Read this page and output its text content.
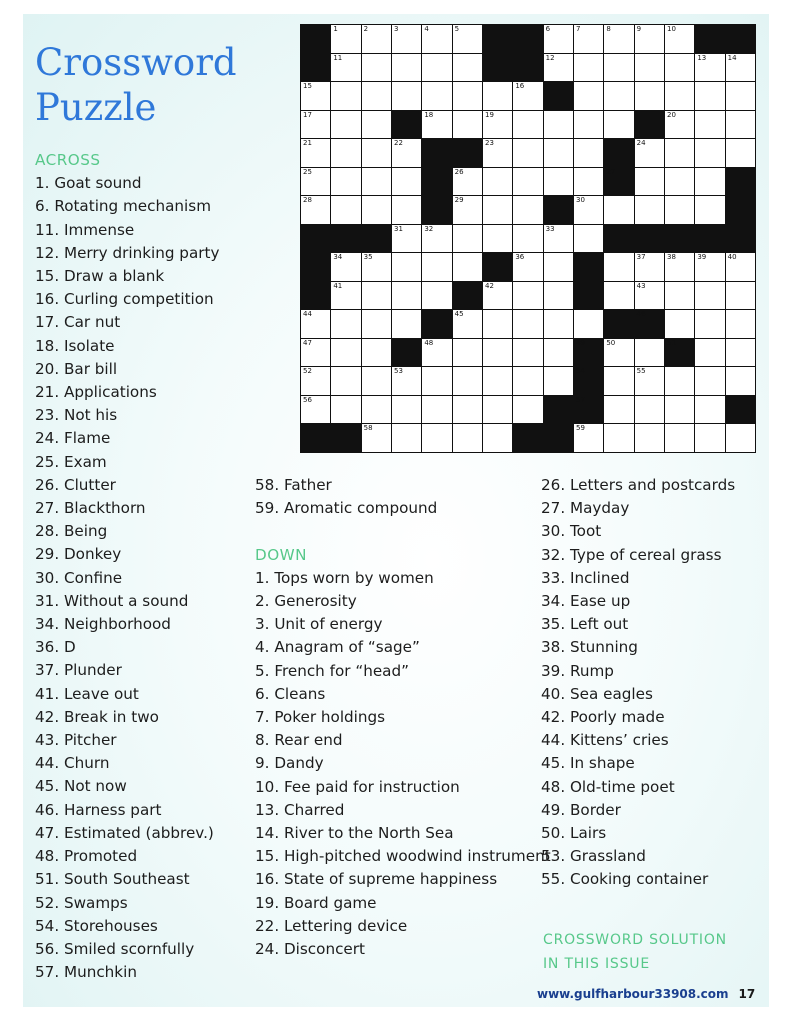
Crossword
Puzzle
1	2	3	4	5	6	7	8	9	10
11	12	13	14
15	16
17	18	19	20
21	22	23	24
25	26	27
28	29	30
31	32	33
34	35	36	37	38	39	40
41	42	43
44	45	46
47	48	49	50	51
52	53	54	55
56	57
58	59
ACROSS
1. Goat sound
6. Rotating mechanism
11. Immense
12. Merry drinking party
15. Draw a blank
16. Curling competition
17. Car nut
18. Isolate
20. Bar bill
21. Applications
23. Not his
24. Flame
25. Exam
26. Clutter
27. Blackthorn
28. Being
29. Donkey
30. Confine
31. Without a sound
34. Neighborhood
36. D
37. Plunder
41. Leave out
42. Break in two
43. Pitcher
44. Churn
45. Not now
46. Harness part
47. Estimated (abbrev.)
48. Promoted
51. South Southeast
52. Swamps
54. Storehouses
56. Smiled scornfully
57. Munchkin
58. Father
59. Aromatic compound
DOWN
1. Tops worn by women
2. Generosity
3. Unit of energy
4. Anagram of “sage”
5. French for “head”
6. Cleans
7. Poker holdings
8. Rear end
9. Dandy
10. Fee paid for instruction
13. Charred
14. River to the North Sea
15. High-pitched woodwind instrument
16. State of supreme happiness
19. Board game
22. Lettering device
24. Disconcert
26. Letters and postcards
27. Mayday
30. Toot
32. Type of cereal grass
33. Inclined
34. Ease up
35. Left out
38. Stunning
39. Rump
40. Sea eagles
42. Poorly made
44. Kittens’ cries
45. In shape
48. Old-time poet
49. Border
50. Lairs
53. Grassland
55. Cooking container
CROSSWORD SOLUTION
IN THIS ISSUE
www.gulfharbour33908.com 17
